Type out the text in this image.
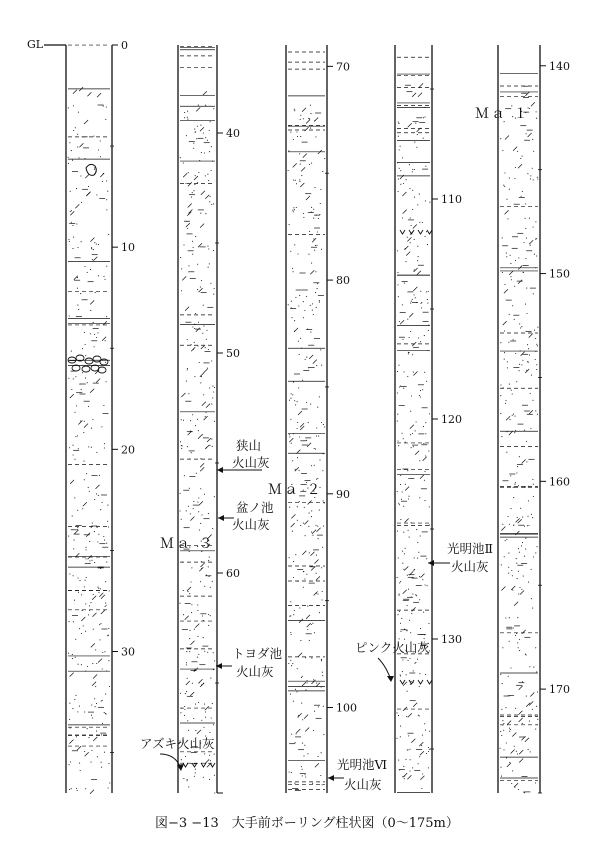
0
10
20
30
40
50
60
70
80
90
100
110
120
130
140
150
160
170
GL
Ｍａ ３
Ｍａ ２
Ｍａ １
狭山
火山灰
盆ノ池
火山灰
トヨダ池
火山灰
アズキ火山灰
光明池Ⅵ
火山灰
光明池Ⅱ
火山灰
ピンク火山灰
図−3 −13　大手前ボーリング柱状図（0〜175m）
